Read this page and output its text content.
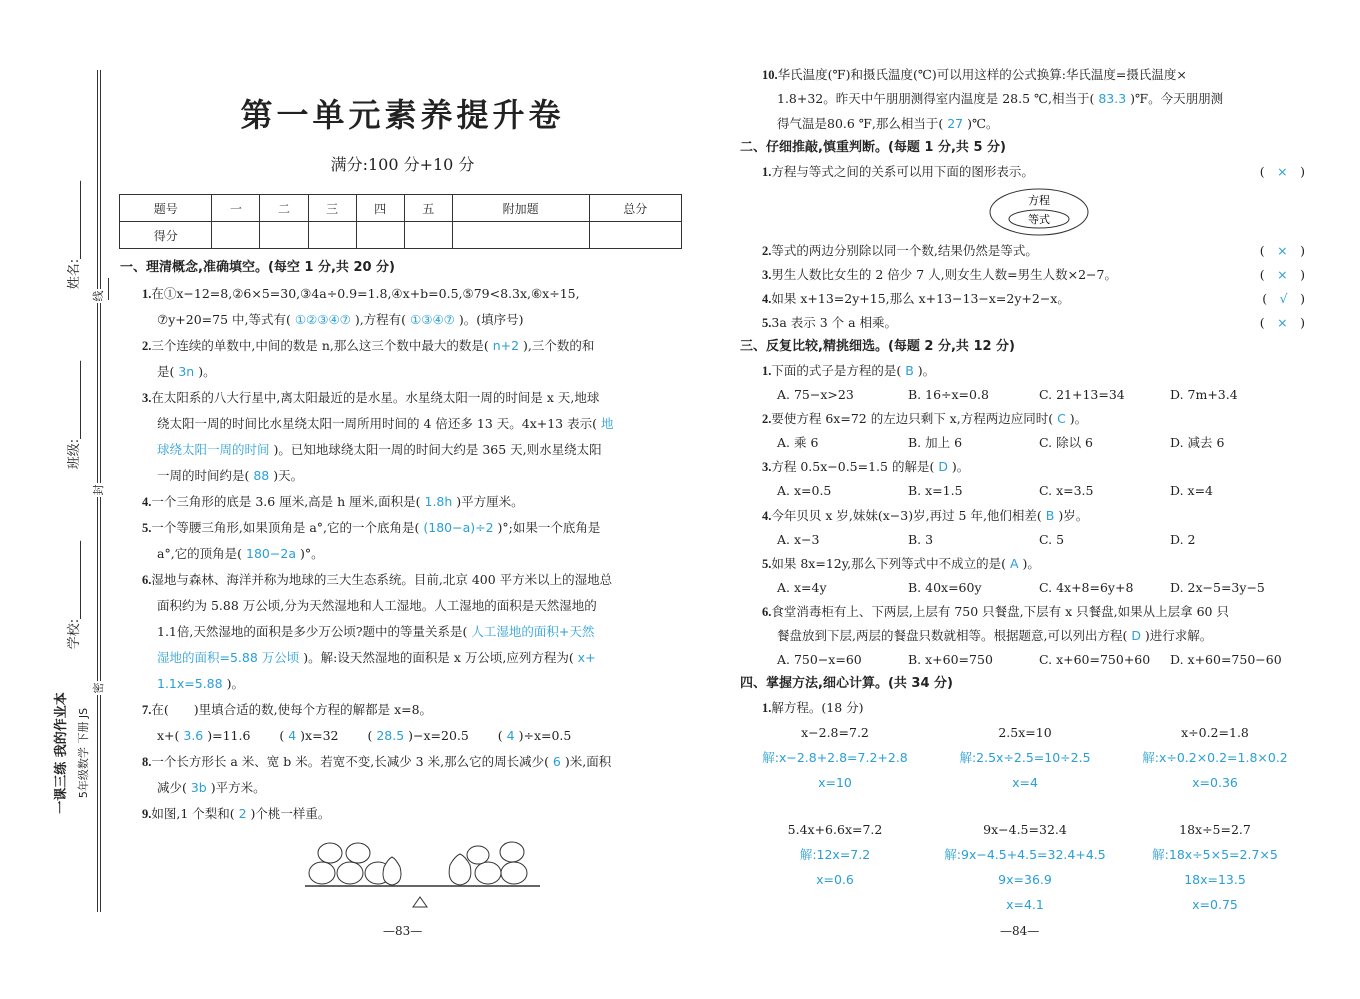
姓名:____________
班级:____________
学校:____________
线
封
密
一课三练 我的作业本 5年级数学 下册 JS
第一单元素养提升卷
满分:100 分+10 分
题号	一	二	三	四	五	附加题	总分
得分							
一、理清概念,准确填空。(每空 1 分,共 20 分)
1.在①x−12=8,②6×5=30,③4a÷0.9=1.8,④x+b=0.5,⑤79<8.3x,⑥x÷15,
⑦y+20=75 中,等式有( ①②③④⑦ ),方程有( ①③④⑦ )。(填序号)
2.三个连续的单数中,中间的数是 n,那么这三个数中最大的数是( n+2 ),三个数的和
是( 3n )。
3.在太阳系的八大行星中,离太阳最近的是水星。水星绕太阳一周的时间是 x 天,地球
绕太阳一周的时间比水星绕太阳一周所用时间的 4 倍还多 13 天。4x+13 表示( 地
球绕太阳一周的时间 )。已知地球绕太阳一周的时间大约是 365 天,则水星绕太阳
一周的时间约是( 88 )天。
4.一个三角形的底是 3.6 厘米,高是 h 厘米,面积是( 1.8h )平方厘米。
5.一个等腰三角形,如果顶角是 a°,它的一个底角是( (180−a)÷2 )°;如果一个底角是
a°,它的顶角是( 180−2a )°。
6.湿地与森林、海洋并称为地球的三大生态系统。目前,北京 400 平方米以上的湿地总
面积约为 5.88 万公顷,分为天然湿地和人工湿地。人工湿地的面积是天然湿地的
1.1倍,天然湿地的面积是多少万公顷?题中的等量关系是( 人工湿地的面积+天然
湿地的面积=5.88 万公顷 )。解:设天然湿地的面积是 x 万公顷,应列方程为( x+
1.1x=5.88 )。
7.在(　　)里填合适的数,使每个方程的解都是 x=8。
x+( 3.6 )=11.6　　 ( 4 )x=32　　 ( 28.5 )−x=20.5　　 ( 4 )÷x=0.5
8.一个长方形长 a 米、宽 b 米。若宽不变,长减少 3 米,那么它的周长减少( 6 )米,面积
减少( 3b )平方米。
9.如图,1 个梨和( 2 )个桃一样重。
—83—
10.华氏温度(℉)和摄氏温度(℃)可以用这样的公式换算:华氏温度=摄氏温度×
1.8+32。昨天中午朋朋测得室内温度是 28.5 ℃,相当于( 83.3 )℉。今天朋朋测
得气温是80.6 ℉,那么相当于( 27 )℃。
二、仔细推敲,慎重判断。(每题 1 分,共 5 分)
1.方程与等式之间的关系可以用下面的图形表示。	(　×　)
方程
等式
2.等式的两边分别除以同一个数,结果仍然是等式。	(　×　)
3.男生人数比女生的 2 倍少 7 人,则女生人数=男生人数×2−7。	(　×　)
4.如果 x+13=2y+15,那么 x+13−13−x=2y+2−x。	(　√　)
5.3a 表示 3 个 a 相乘。	(　×　)
三、反复比较,精挑细选。(每题 2 分,共 12 分)
1.下面的式子是方程的是( B )。
A. 75−x>23	B. 16÷x=0.8	C. 21+13=34	D. 7m+3.4
2.要使方程 6x=72 的左边只剩下 x,方程两边应同时( C )。
A. 乘 6	B. 加上 6	C. 除以 6	D. 减去 6
3.方程 0.5x−0.5=1.5 的解是( D )。
A. x=0.5	B. x=1.5	C. x=3.5	D. x=4
4.今年贝贝 x 岁,妹妹(x−3)岁,再过 5 年,他们相差( B )岁。
A. x−3	B. 3	C. 5	D. 2
5.如果 8x=12y,那么下列等式中不成立的是( A )。
A. x=4y	B. 40x=60y	C. 4x+8=6y+8	D. 2x−5=3y−5
6.食堂消毒柜有上、下两层,上层有 750 只餐盘,下层有 x 只餐盘,如果从上层拿 60 只
餐盘放到下层,两层的餐盘只数就相等。根据题意,可以列出方程( D )进行求解。
A. 750−x=60	B. x+60=750	C. x+60=750+60 D. x+60=750−60
四、掌握方法,细心计算。(共 34 分)
1.解方程。(18 分)
x−2.8=7.2
解:x−2.8+2.8=7.2+2.8
x=10
2.5x=10
解:2.5x÷2.5=10÷2.5
x=4
x÷0.2=1.8
解:x÷0.2×0.2=1.8×0.2
x=0.36
5.4x+6.6x=7.2
解:12x=7.2
x=0.6
9x−4.5=32.4
解:9x−4.5+4.5=32.4+4.5
9x=36.9
x=4.1
18x÷5=2.7
解:18x÷5×5=2.7×5
18x=13.5
x=0.75
—84—
